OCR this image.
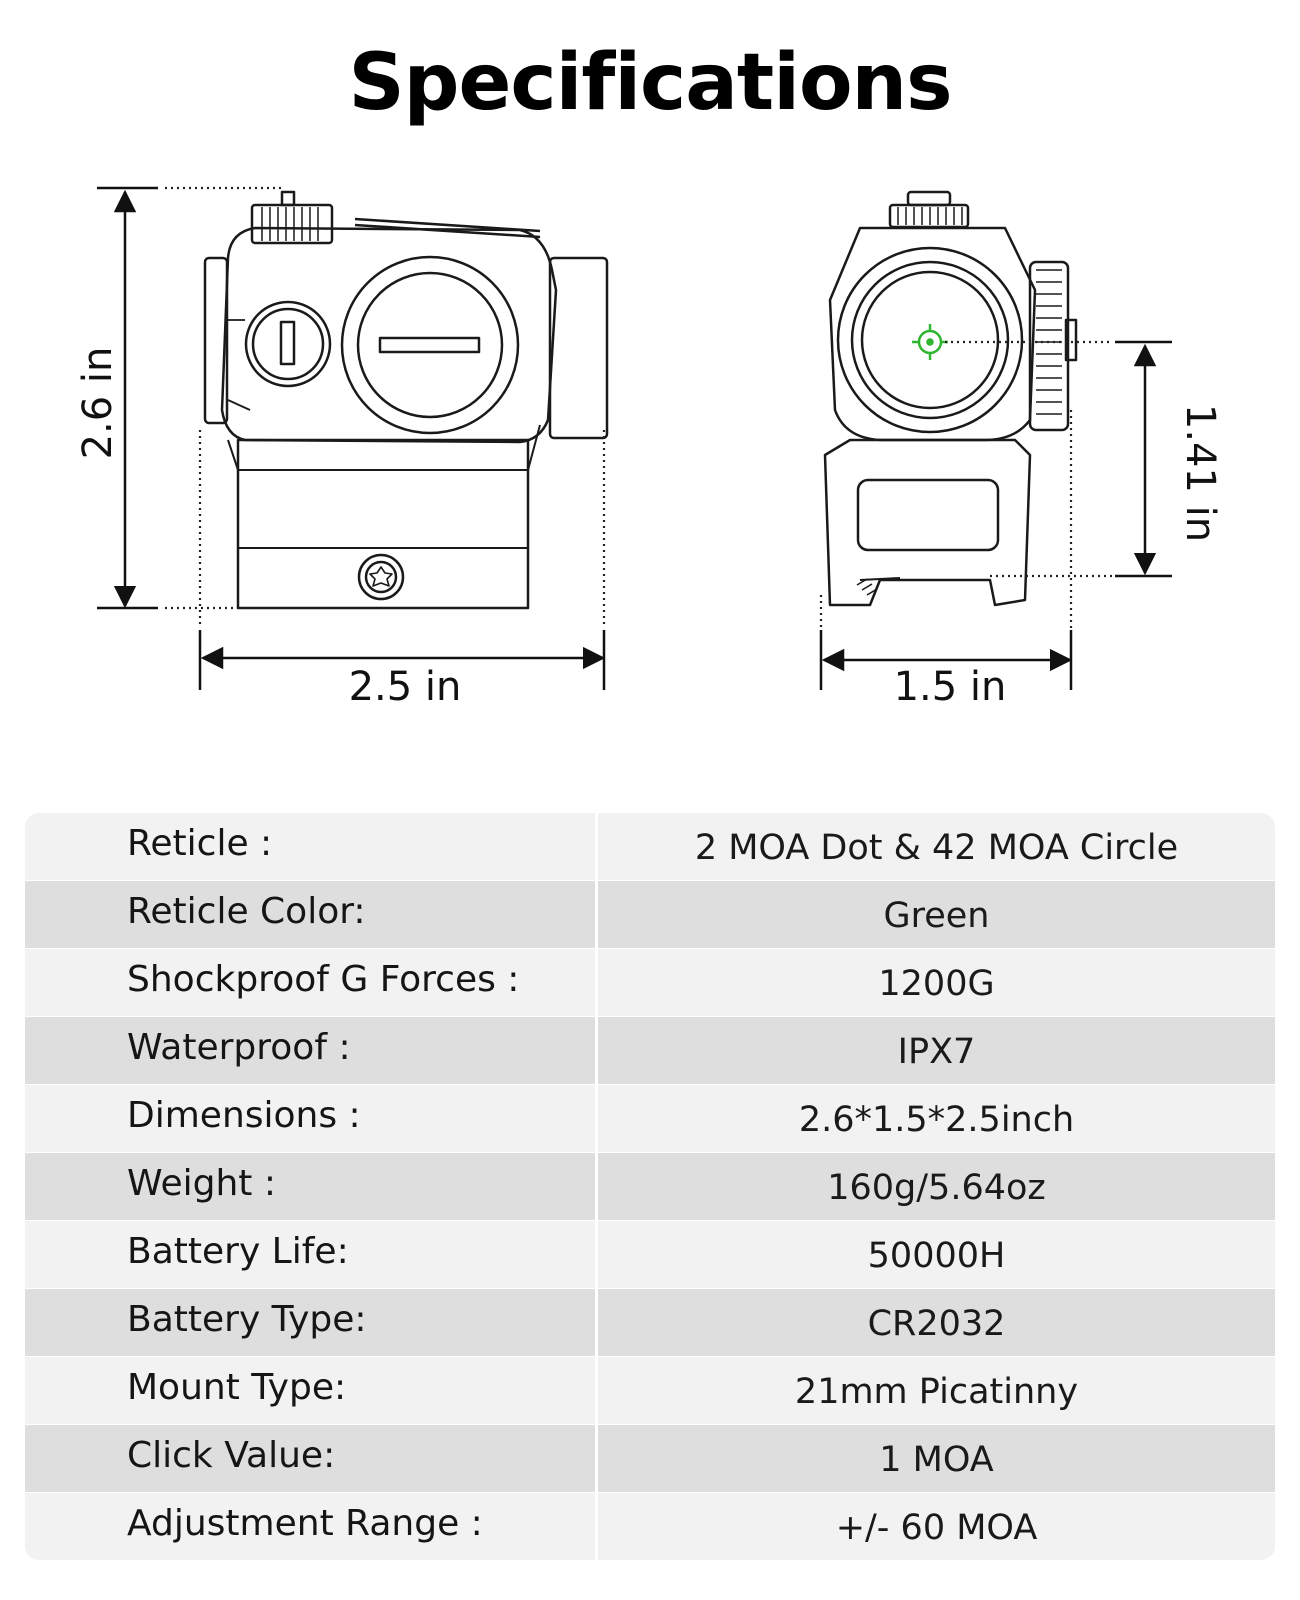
Specifications
2.6 in
2.5 in	1.5 in
1.41 in
Reticle :	2 MOA Dot & 42 MOA Circle
Reticle Color:	Green
Shockproof G Forces :	1200G
Waterproof :	IPX7
Dimensions :	2.6*1.5*2.5inch
Weight :	160g/5.64oz
Battery Life:	50000H
Battery Type:	CR2032
Mount Type:	21mm Picatinny
Click Value:	1 MOA
Adjustment Range :	+/- 60 MOA
